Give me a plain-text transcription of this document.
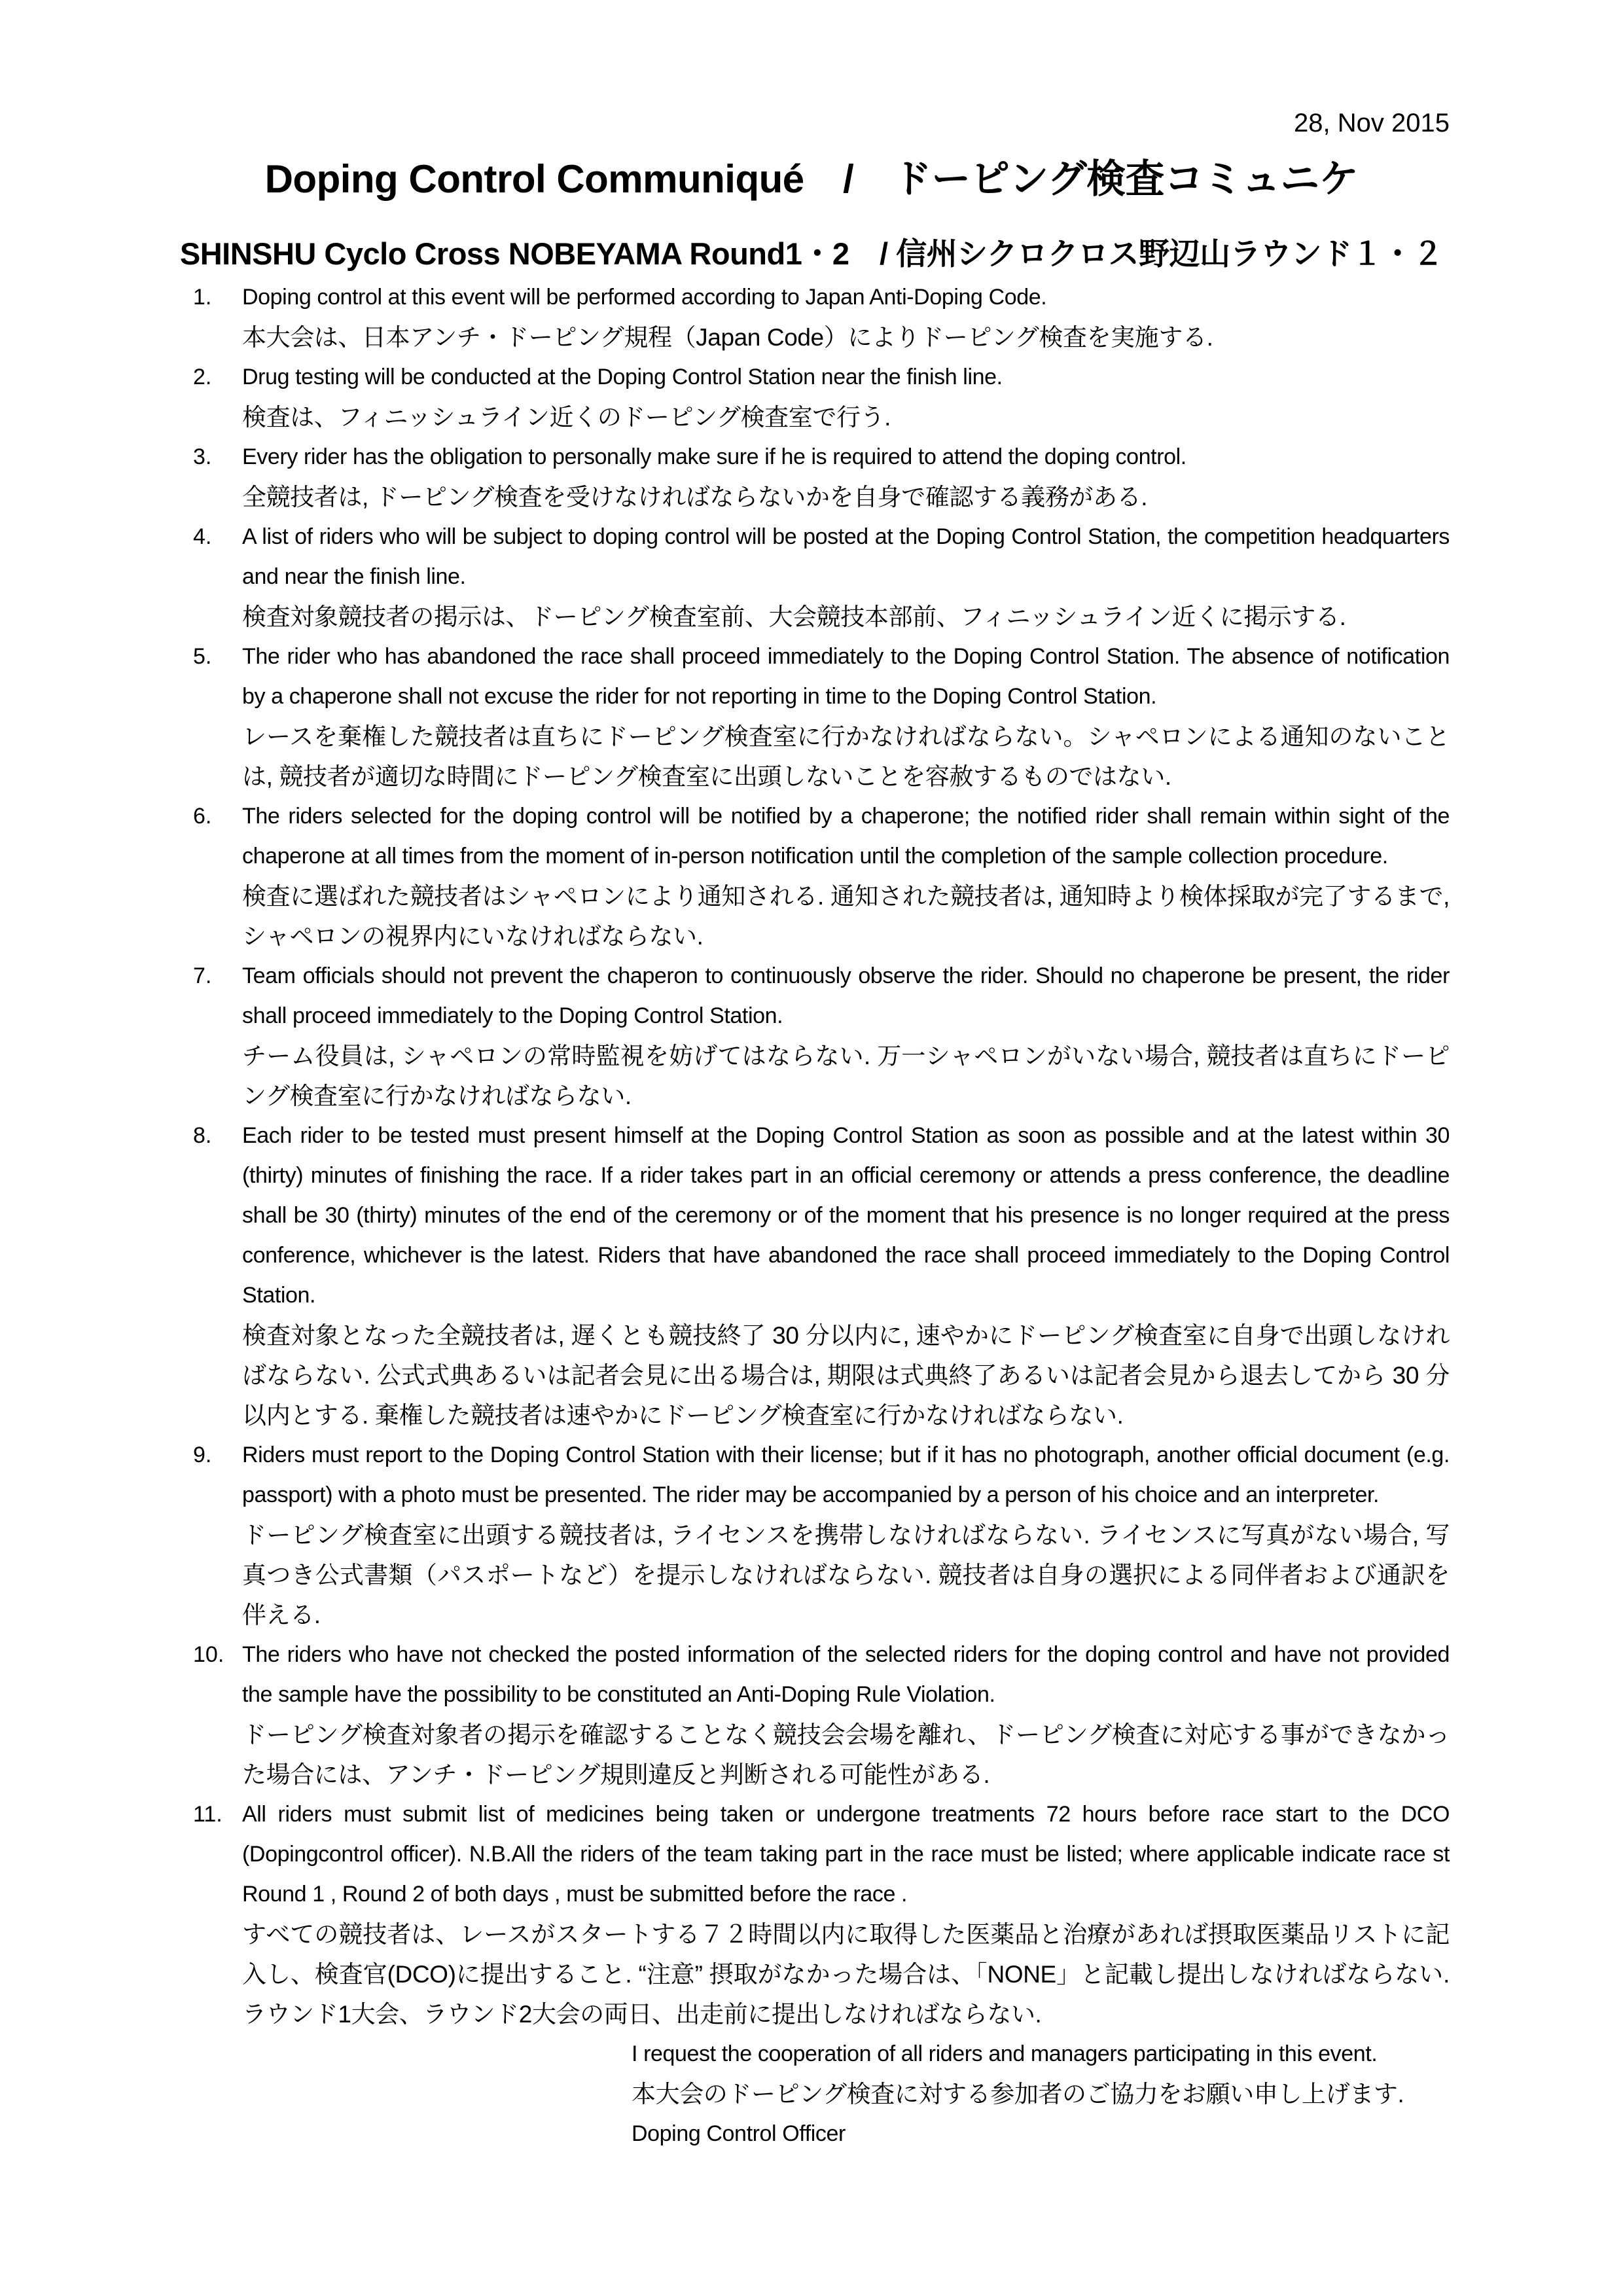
28, Nov 2015
Doping Control Communiqué　/　ドーピング検査コミュニケ
SHINSHU Cyclo Cross NOBEYAMA Round1・2　/ 信州シクロクロス野辺山ラウンド１・２
1.	Doping control at this event will be performed according to Japan Anti-Doping Code.

本大会は、日本アンチ・ドーピング規程（Japan Code）によりドーピング検査を実施する.

2.	Drug testing will be conducted at the Doping Control Station near the finish line.

検査は、フィニッシュライン近くのドーピング検査室で行う.

3.	Every rider has the obligation to personally make sure if he is required to attend the doping control.

全競技者は, ドーピング検査を受けなければならないかを自身で確認する義務がある.

4.	A list of riders who will be subject to doping control will be posted at the Doping Control Station, the competition headquarters and near the finish line.

検査対象競技者の掲示は、ドーピング検査室前、大会競技本部前、フィニッシュライン近くに掲示する.

5.	The rider who has abandoned the race shall proceed immediately to the Doping Control Station. The absence of notification by a chaperone shall not excuse the rider for not reporting in time to the Doping Control Station.

レースを棄権した競技者は直ちにドーピング検査室に行かなければならない。シャペロンによる通知のないことは, 競技者が適切な時間にドーピング検査室に出頭しないことを容赦するものではない.

6.	The riders selected for the doping control will be notified by a chaperone; the notified rider shall remain within sight of the chaperone at all times from the moment of in-person notification until the completion of the sample collection procedure.

検査に選ばれた競技者はシャペロンにより通知される. 通知された競技者は, 通知時より検体採取が完了するまで, シャペロンの視界内にいなければならない.

7.	Team officials should not prevent the chaperon to continuously observe the rider. Should no chaperone be present, the rider shall proceed immediately to the Doping Control Station.

チーム役員は, シャペロンの常時監視を妨げてはならない. 万一シャペロンがいない場合, 競技者は直ちにドーピング検査室に行かなければならない.

8.	Each rider to be tested must present himself at the Doping Control Station as soon as possible and at the latest within 30 (thirty) minutes of finishing the race. If a rider takes part in an official ceremony or attends a press conference, the deadline shall be 30 (thirty) minutes of the end of the ceremony or of the moment that his presence is no longer required at the press conference, whichever is the latest. Riders that have abandoned the race shall proceed immediately to the Doping Control Station.

検査対象となった全競技者は, 遅くとも競技終了 30 分以内に, 速やかにドーピング検査室に自身で出頭しなければならない. 公式式典あるいは記者会見に出る場合は, 期限は式典終了あるいは記者会見から退去してから 30 分以内とする. 棄権した競技者は速やかにドーピング検査室に行かなければならない.

9.	Riders must report to the Doping Control Station with their license; but if it has no photograph, another official document (e.g. passport) with a photo must be presented. The rider may be accompanied by a person of his choice and an interpreter.

ドーピング検査室に出頭する競技者は, ライセンスを携帯しなければならない. ライセンスに写真がない場合, 写真つき公式書類（パスポートなど）を提示しなければならない. 競技者は自身の選択による同伴者および通訳を伴える.

10. The riders who have not checked the posted information of the selected riders for the doping control and have not provided the sample have the possibility to be constituted an Anti-Doping Rule Violation.

ドーピング検査対象者の掲示を確認することなく競技会会場を離れ、ドーピング検査に対応する事ができなかった場合には、アンチ・ドーピング規則違反と判断される可能性がある.

11. All riders must submit list of medicines being taken or undergone treatments 72 hours before race start to the DCO (Dopingcontrol officer). N.B.All the riders of the team taking part in the race must be listed; where applicable indicate race st Round 1 , Round 2 of both days , must be submitted before the race .

すべての競技者は、レースがスタートする７２時間以内に取得した医薬品と治療があれば摂取医薬品リストに記入し、検査官(DCO)に提出すること. “注意” 摂取がなかった場合は、「NONE」と記載し提出しなければならない. ラウンド1大会、ラウンド2大会の両日、出走前に提出しなければならない.

I request the cooperation of all riders and managers participating in this event.

本大会のドーピング検査に対する参加者のご協力をお願い申し上げます.

Doping Control Officer
